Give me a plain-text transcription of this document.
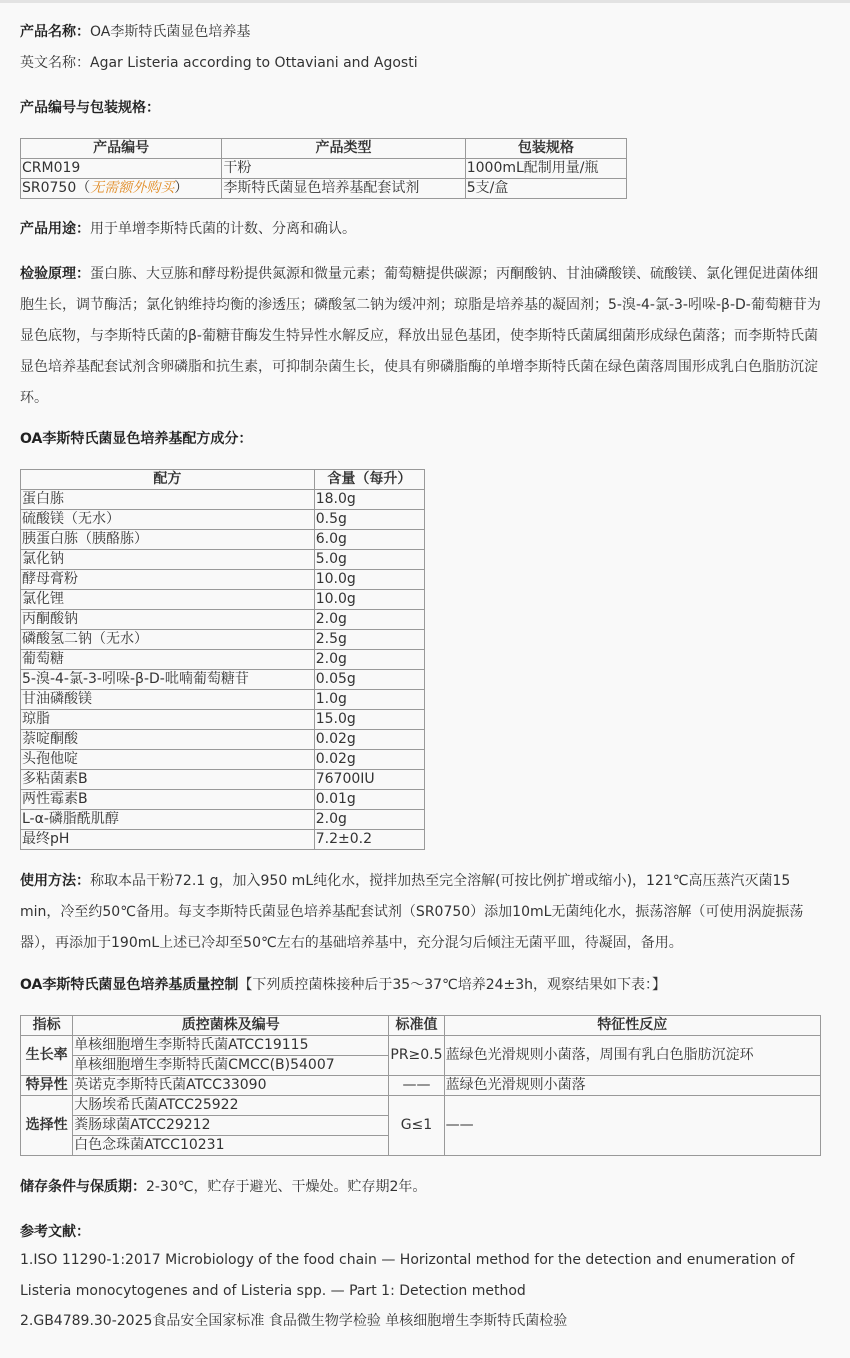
产品名称：OA李斯特氏菌显色培养基
英文名称：Agar Listeria according to Ottaviani and Agosti
产品编号与包装规格：
产品编号	产品类型	包装规格
CRM019	干粉	1000mL配制用量/瓶
SR0750（无需额外购买）	李斯特氏菌显色培养基配套试剂	5支/盒
产品用途：用于单增李斯特氏菌的计数、分离和确认。
检验原理：蛋白胨、大豆胨和酵母粉提供氮源和微量元素；葡萄糖提供碳源；丙酮酸钠、甘油磷酸镁、硫酸镁、氯化锂促进菌体细胞生长，调节酶活；氯化钠维持均衡的渗透压；磷酸氢二钠为缓冲剂；琼脂是培养基的凝固剂；5-溴-4-氯-3-吲哚-β-D-葡萄糖苷为显色底物，与李斯特氏菌的β-葡糖苷酶发生特异性水解反应，释放出显色基团，使李斯特氏菌属细菌形成绿色菌落；而李斯特氏菌显色培养基配套试剂含卵磷脂和抗生素，可抑制杂菌生长，使具有卵磷脂酶的单增李斯特氏菌在绿色菌落周围形成乳白色脂肪沉淀环。
OA李斯特氏菌显色培养基配方成分：
配方	含量（每升）
蛋白胨	18.0g
硫酸镁（无水）	0.5g
胰蛋白胨（胰酪胨）	6.0g
氯化钠	5.0g
酵母膏粉	10.0g
氯化锂	10.0g
丙酮酸钠	2.0g
磷酸氢二钠（无水）	2.5g
葡萄糖	2.0g
5-溴-4-氯-3-吲哚-β-D-吡喃葡萄糖苷	0.05g
甘油磷酸镁	1.0g
琼脂	15.0g
萘啶酮酸	0.02g
头孢他啶	0.02g
多粘菌素B	76700IU
两性霉素B	0.01g
L-α-磷脂酰肌醇	2.0g
最终pH	7.2±0.2
使用方法：称取本品干粉72.1 g，加入950 mL纯化水，搅拌加热至完全溶解(可按比例扩增或缩小)，121℃高压蒸汽灭菌15 min，冷至约50℃备用。每支李斯特氏菌显色培养基配套试剂（SR0750）添加10mL无菌纯化水，振荡溶解（可使用涡旋振荡器），再添加于190mL上述已冷却至50℃左右的基础培养基中，充分混匀后倾注无菌平皿，待凝固，备用。
OA李斯特氏菌显色培养基质量控制【下列质控菌株接种后于35～37℃培养24±3h，观察结果如下表：】
指标	质控菌株及编号	标准值	特征性反应
生长率	单核细胞增生李斯特氏菌ATCC19115	PR≥0.5	蓝绿色光滑规则小菌落，周围有乳白色脂肪沉淀环
	单核细胞增生李斯特氏菌CMCC(B)54007		
特异性	英诺克李斯特氏菌ATCC33090	——	蓝绿色光滑规则小菌落
选择性	大肠埃希氏菌ATCC25922	G≤1	——
	粪肠球菌ATCC29212		
	白色念珠菌ATCC10231		
储存条件与保质期：2-30℃，贮存于避光、干燥处。贮存期2年。
参考文献：
1.ISO 11290-1:2017 Microbiology of the food chain — Horizontal method for the detection and enumeration of Listeria monocytogenes and of Listeria spp. — Part 1: Detection method
2.GB4789.30-2025食品安全国家标准 食品微生物学检验 单核细胞增生李斯特氏菌检验
